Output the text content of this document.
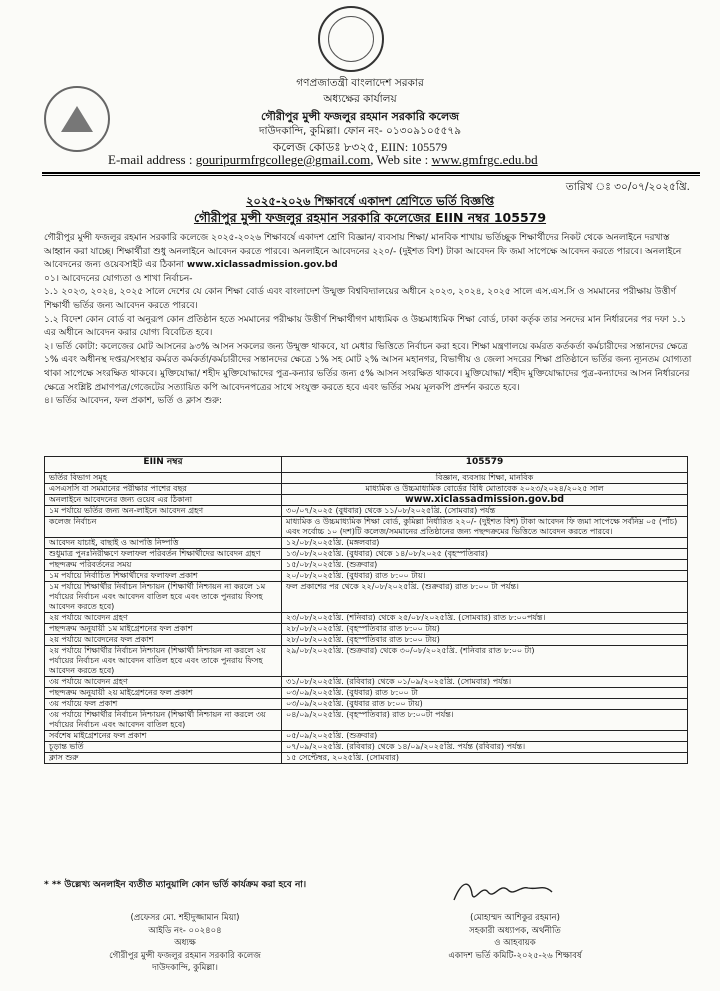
গণপ্রজাতন্ত্রী বাংলাদেশ সরকার
অধ্যক্ষের কার্যালয়
গৌরীপুর মুন্সী ফজলুর রহমান সরকারি কলেজ
দাউদকান্দি, কুমিল্লা। ফোন নং- ০১৩০৯১০৫৫৭৯
কলেজ কোডঃ ৮৩২৫, EIIN: 105579
E-mail address : gouripurmfrgcollege@gmail.com, Web site : www.gmfrgc.edu.bd
তারিখ ঃ ৩০/০৭/২০২৫খ্রি.
২০২৫-২০২৬ শিক্ষাবর্ষে একাদশ শ্রেণিতে ভর্তি বিজ্ঞপ্তি
গৌরীপুর মুন্সী ফজলুর রহমান সরকারি কলেজের EIIN নম্বর 105579

গৌরীপুর মুন্সী ফজলুর রহমান সরকারি কলেজে ২০২৫-২০২৬ শিক্ষাবর্ষে একাদশ শ্রেণি বিজ্ঞান/ ব্যবসায় শিক্ষা/ মানবিক শাখায় ভর্তিচ্ছুক শিক্ষার্থীদের নিকট থেকে অনলাইনে দরখাস্ত আহ্বান করা যাচ্ছে। শিক্ষার্থীরা শুধু অনলাইনে আবেদন করতে পারবে। অনলাইনে আবেদনের ২২০/- (দুইশত বিশ) টাকা আবেদন ফি জমা সাপেক্ষে আবেদন করতে পারবে। অনলাইনে আবেদনের জন্য ওয়েবসাইট এর ঠিকানা www.xiclassadmission.gov.bd

০১। আবেদনের যোগ্যতা ও শাখা নির্বাচন-

১.১ ২০২৩, ২০২৪, ২০২৫ সালে দেশের যে কোন শিক্ষা বোর্ড এবং বাংলাদেশ উন্মুক্ত বিশ্ববিদ্যালয়ের অধীনে ২০২৩, ২০২৪, ২০২৫ সালে এস.এস.সি ও সমমানের পরীক্ষায় উত্তীর্ণ শিক্ষার্থী ভর্তির জন্য আবেদন করতে পারবে।

১.২ বিদেশ কোন বোর্ড বা অনুরূপ কোন প্রতিষ্ঠান হতে সমমানের পরীক্ষায় উত্তীর্ণ শিক্ষার্থীগণ মাধ্যমিক ও উচ্চমাধ্যমিক শিক্ষা বোর্ড, ঢাকা কর্তৃক তার সনদের মান নির্ধারনের পর দফা ১.১ এর অধীনে আবেদন করার যোগ্য বিবেচিত হবে।

২। ভর্তি কোটা: কলেজের মোট আসনের ৯৩% আসন সকলের জন্য উন্মুক্ত থাকবে, যা মেধার ভিত্তিতে নির্বাচন করা হবে। শিক্ষা মন্ত্রণালয়ে কর্মরত কর্তকর্তা কর্মচারীদের সন্তানদের ক্ষেত্রে ১% এবং অধীনস্থ দপ্তর/সংস্থার কর্মরত কর্মকর্তা/কর্মচারীদের সন্তানদের ক্ষেত্রে ১% সহ মোট ২% আসন মহানগর, বিভাগীয় ও জেলা সদরের শিক্ষা প্রতিষ্ঠানে ভর্তির জন্য ন্যূনতম যোগ্যতা থাকা সাপেক্ষে সংরক্ষিত থাকবে। মুক্তিযোদ্ধা/ শহীদ মুক্তিযোদ্ধাদের পুত্র-কন্যার ভর্তির জন্য ৫% আসন সংরক্ষিত থাকবে। মুক্তিযোদ্ধা/ শহীদ মুক্তিযোদ্ধাদের পুত্র-কন্যাদের আসন নির্ধারনের ক্ষেত্রে সংশ্লিষ্ট প্রমাণপত্র/গেজেটের সত্যায়িত কপি আবেদনপত্রের সাথে সংযুক্ত করতে হবে এবং ভর্তির সময় মূলকপি প্রদর্শন করতে হবে।

৪। ভর্তির আবেদন, ফল প্রকাশ, ভর্তি ও ক্লাস শুরু:

EIIN নম্বর	105579
ভর্তির বিভাগ সমূহ	বিজ্ঞান, ব্যবসায় শিক্ষা, মানবিক
এসএসসি বা সমমানের পরীক্ষার পাশের বছর	মাধ্যমিক ও উচ্চমাধ্যমিক বোর্ডের বিধি মোতাবেক ২০২৩/২০২৪/২০২৫ সাল
অনলাইনে আবেদনের জন্য ওয়েব এর ঠিকানা	www.xiclassadmission.gov.bd
১ম পর্যায়ে ভর্তির জন্য অন-লাইনে আবেদন গ্রহণ	৩০/০৭/২০২৫ (বুধবার) থেকে ১১/০৮/২০২৫খ্রি. (সোমবার) পর্যন্ত
কলেজ নির্বাচন	মাধ্যমিক ও উচ্চমাধ্যমিক শিক্ষা বোর্ড, কুমিল্লা নির্ধারিত ২২০/- (দুইশত বিশ) টাকা আবেদন ফি জমা সাপেক্ষে সর্বনিম্ন ০৫ (পাঁচ) এবং সর্বোচ্চ ১০ (দশ)টি কলেজ/সমমানের প্রতিষ্ঠানের জন্য পছন্দক্রমের ভিত্তিতে আবেদন করতে পারবে।
আবেদন যাচাই, বাছাই ও আপত্তি নিষ্পত্তি	১২/০৮/২০২৫খ্রি. (মঙ্গলবার)
শুধুমাত্র পুনঃনিরীক্ষণে ফলাফল পরিবর্তন শিক্ষার্থীদের আবেদন গ্রহণ	১৩/০৮/২০২৫খ্রি. (বুধবার) থেকে ১৪/০৮/২০২৫ (বৃহস্পতিবার)
পছন্দক্রম পরিবর্তনের সময়	১৫/০৮/২০২৫খ্রি. (শুক্রবার)
১ম পর্যায়ে নির্বাচিত শিক্ষার্থীদের ফলাফল প্রকাশ	২০/০৮/২০২৫খ্রি. (বুধবার) রাত ৮:০০ টায়।
১ম পর্যায়ে শিক্ষার্থীর নির্বাচন নিশ্চায়ন (শিক্ষার্থী নিশ্চায়ন না করলে ১ম পর্যায়ের নির্বাচন এবং আবেদন বাতিল হবে এবং তাকে পুনরায় ফিসহ আবেদন করতে হবে)	ফল প্রকাশের পর থেকে ২২/০৮/২০২৫খ্রি. (শুক্রবার) রাত ৮:০০ টা পর্যন্ত।
২য় পর্যায়ে আবেদন গ্রহণ	২৩/০৮/২০২৫খ্রি. (শনিবার) থেকে ২৫/০৮/২০২৫খ্রি. (সোমবার) রাত ৮:০০পর্যন্ত।
পছন্দক্রম অনুযায়ী ১ম মাইগ্রেশনের ফল প্রকাশ	২৮/০৮/২০২৫খ্রি. (বৃহস্পতিবার রাত ৮:০০ টায়)
২য় পর্যায়ে আবেদনের ফল প্রকাশ	২৮/০৮/২০২৫খ্রি. (বৃহস্পতিবার রাত ৮:০০ টায়)
২য় পর্যায়ে শিক্ষার্থীর নির্বাচন নিশ্চায়ন (শিক্ষার্থী নিশ্চায়ন না করলে ২য় পর্যায়ের নির্বাচন এবং আবেদন বাতিল হবে এবং তাকে পুনরায় ফিসহ আবেদন করতে হবে)	২৯/০৮/২০২৫খ্রি. (শুক্রবার) থেকে ৩০/০৮/২০২৫খ্রি. (শনিবার রাত ৮:০০ টা)
৩য় পর্যায়ে আবেদন গ্রহণ	৩১/০৮/২০২৫খ্রি. (রবিবার) থেকে ০১/০৯/২০২৫খ্রি. (সোমবার) পর্যন্ত।
পছন্দক্রম অনুযায়ী ২য় মাইগ্রেশনের ফল প্রকাশ	০৩/০৯/২০২৫খ্রি. (বুধবার) রাত ৮:০০ টা
৩য় পর্যায়ে ফল প্রকাশ	০৩/০৯/২০২৫খ্রি. (বুধবার রাত ৮:০০ টায়)
৩য় পর্যায়ে শিক্ষার্থীর নির্বাচন নিশ্চায়ন (শিক্ষার্থী নিশ্চায়ন না করলে ৩য় পর্যায়ের নির্বাচন এবং আবেদন বাতিল হবে)	০৪/০৯/২০২৫খ্রি. (বৃহস্পতিবার) রাত ৮:০০টা পর্যন্ত।
সর্বশেষ মাইগ্রেশনের ফল প্রকাশ	০৫/০৯/২০২৫খ্রি. (শুক্রবার)
চূড়ান্ত ভর্তি	০৭/০৯/২০২৫খ্রি. (রবিবার) থেকে ১৪/০৯/২০২৫খ্রি. পর্যন্ত (রবিবার) পর্যন্ত।
ক্লাস শুরু	১৫ সেপ্টেম্বর, ২০২৫খ্রি. (সোমবার)
* ** উল্লেখ্য অনলাইন ব্যতীত ম্যানুয়ালি কোন ভর্তি কার্যক্রম করা হবে না।
(প্রফেসর মো. শহীদুজ্জামান মিয়া)
আইডি নং- ০০২৪০৪
অধ্যক্ষ
গৌরীপুর মুন্সী ফজলুর রহমান সরকারি কলেজ
দাউদকান্দি, কুমিল্লা।
(মোহাম্মদ আশিকুর রহমান)
সহকারী অধ্যাপক, অর্থনীতি
ও আহবায়ক
একাদশ ভর্তি কমিটি-২০২৫-২৬ শিক্ষাবর্ষ
